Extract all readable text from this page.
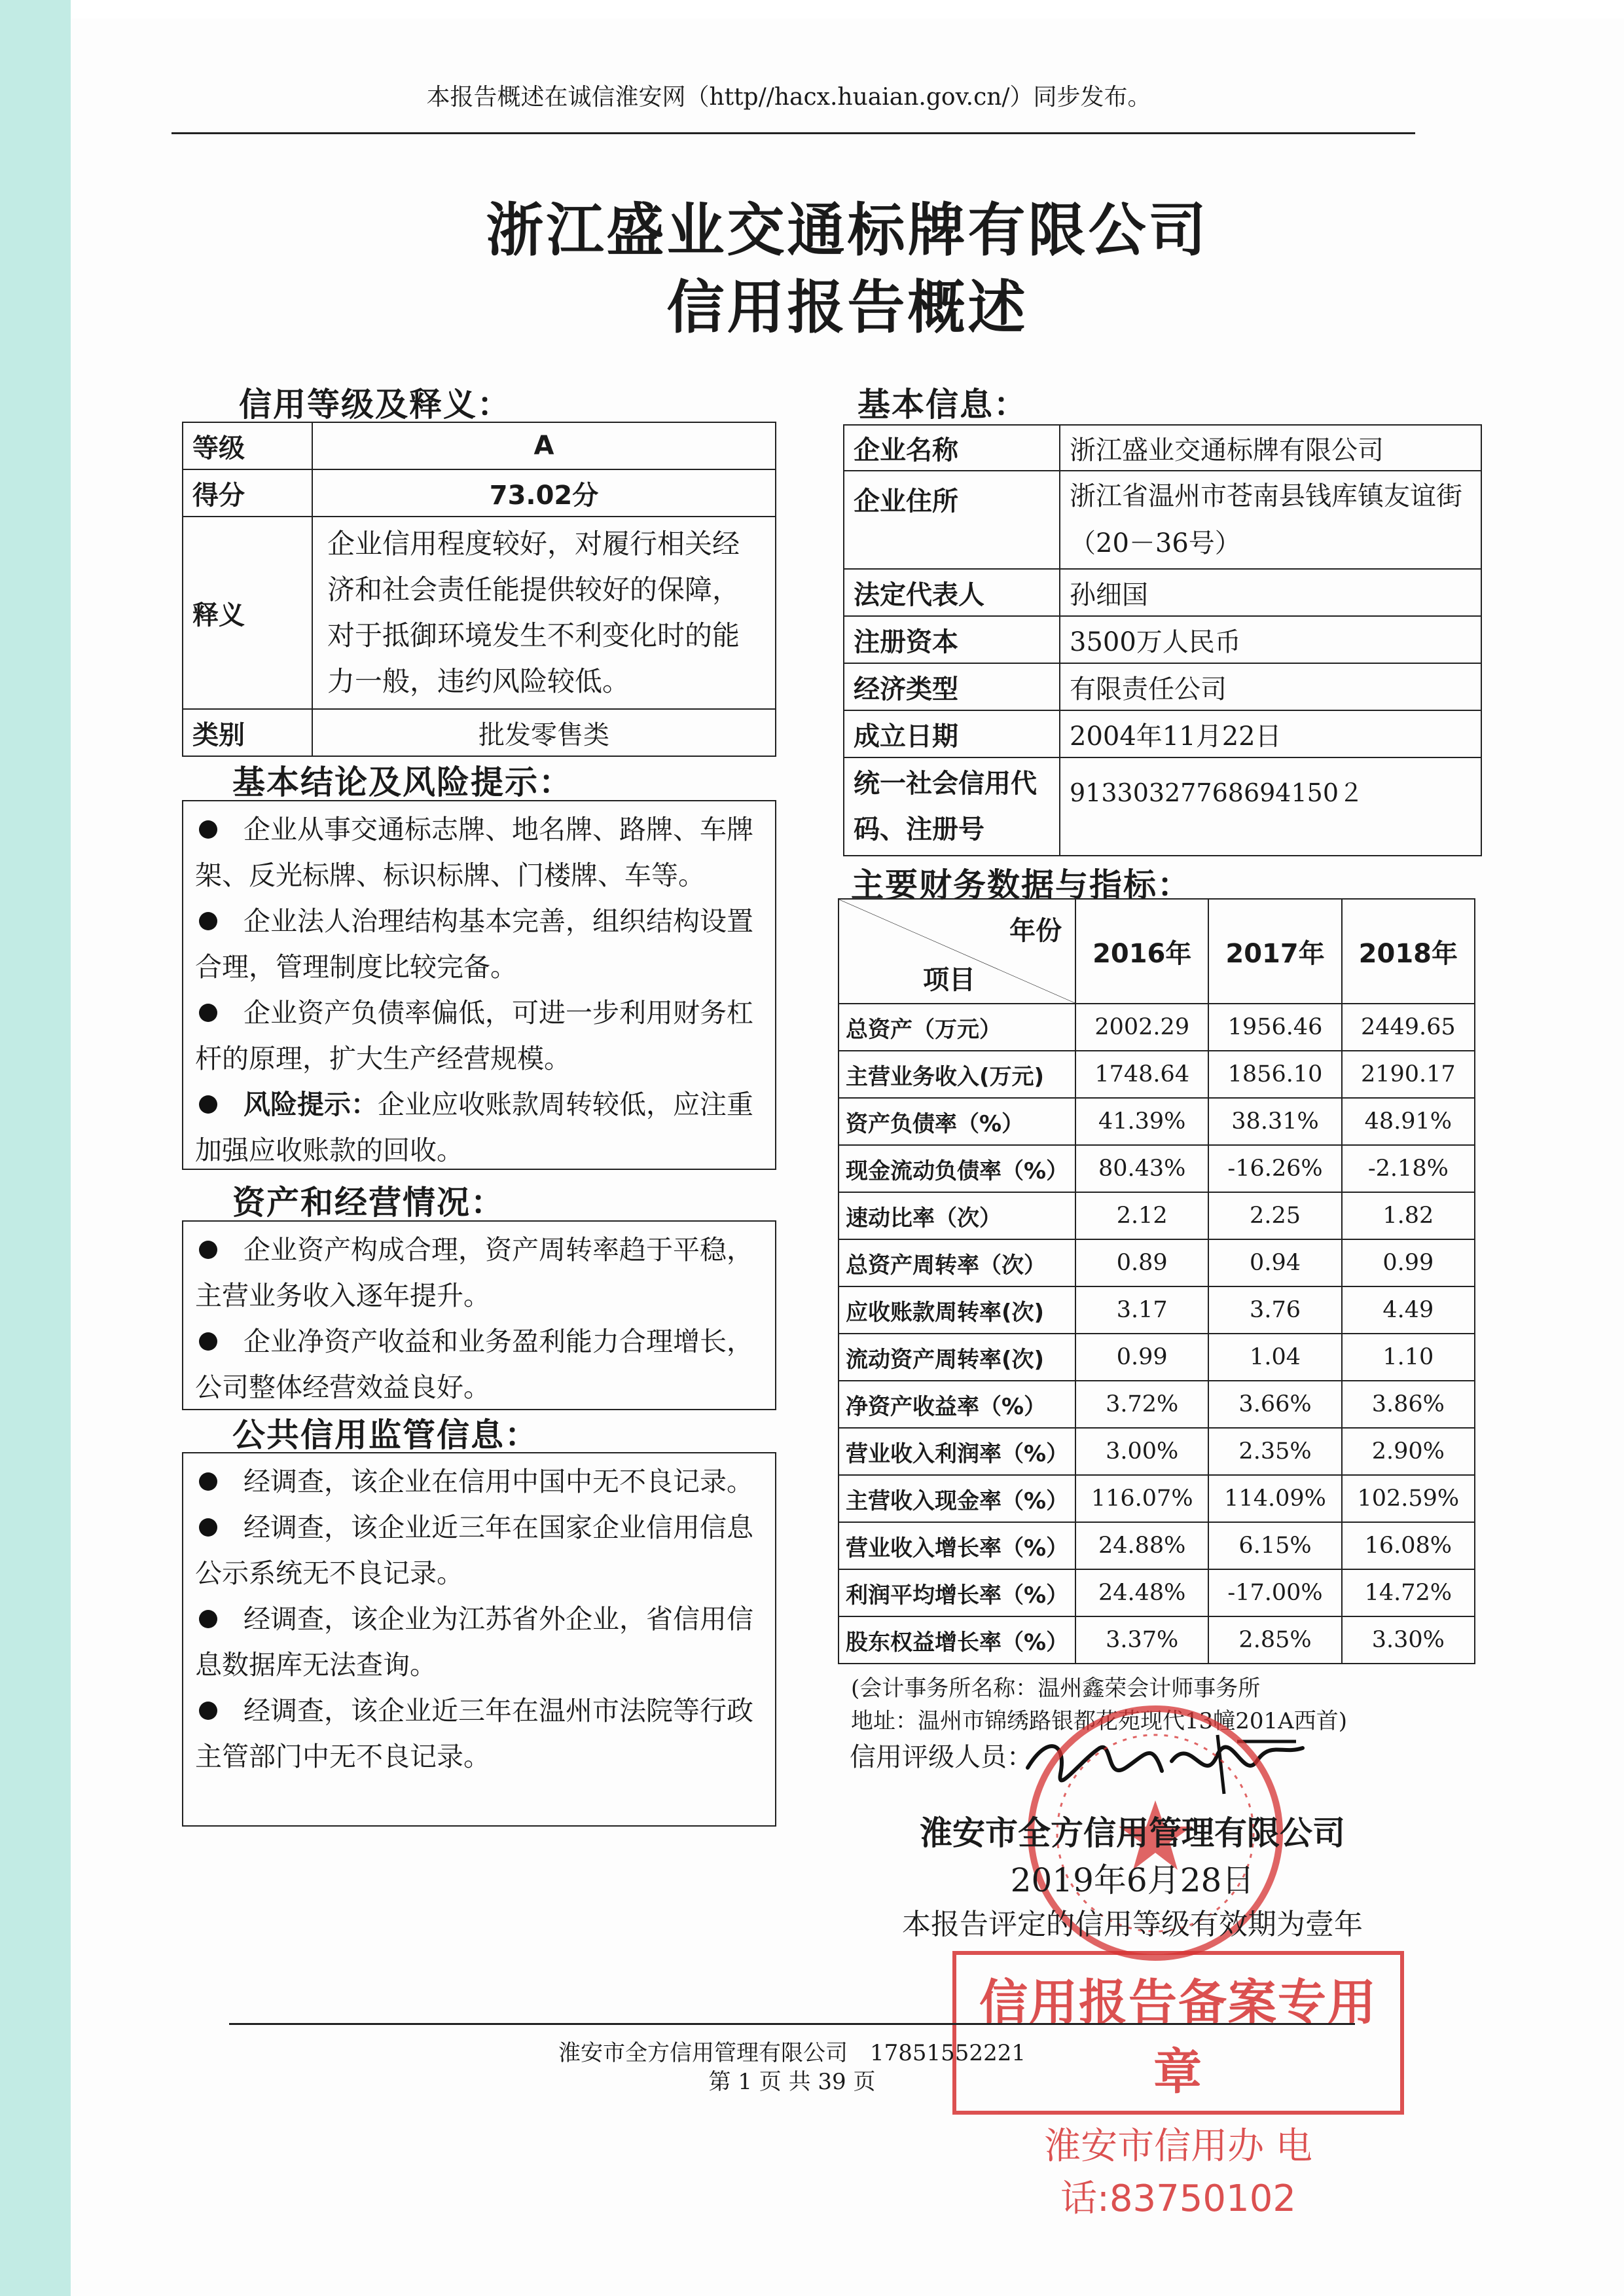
本报告概述在诚信淮安网（http//hacx.huaian.gov.cn/）同步发布。
浙江盛业交通标牌有限公司
信用报告概述
信用等级及释义：
等级	A
得分	73.02分
释义	企业信用程度较好，对履行相关经济和社会责任能提供较好的保障，对于抵御环境发生不利变化时的能力一般，违约风险较低。
类别	批发零售类
基本结论及风险提示：

企业从事交通标志牌、地名牌、路牌、车牌架、反光标牌、标识标牌、门楼牌、车等。

企业法人治理结构基本完善，组织结构设置合理，管理制度比较完备。

企业资产负债率偏低，可进一步利用财务杠杆的原理，扩大生产经营规模。

风险提示：企业应收账款周转较低，应注重加强应收账款的回收。

资产和经营情况：

企业资产构成合理，资产周转率趋于平稳，主营业务收入逐年提升。

企业净资产收益和业务盈利能力合理增长，公司整体经营效益良好。

公共信用监管信息：

经调查，该企业在信用中国中无不良记录。

经调查，该企业近三年在国家企业信用信息公示系统无不良记录。

经调查，该企业为江苏省外企业，省信用信息数据库无法查询。

经调查，该企业近三年在温州市法院等行政主管部门中无不良记录。

基本信息：
企业名称	浙江盛业交通标牌有限公司
企业住所	浙江省温州市苍南县钱库镇友谊街（20－36号）
法定代表人	孙细国
注册资本	3500万人民币
经济类型	有限责任公司
成立日期	2004年11月22日
统一社会信用代码、注册号	91330327768694150２
主要财务数据与指标：
年份
项目	2016年	2017年	2018年
总资产（万元）	2002.29	1956.46	2449.65
主营业务收入(万元)	1748.64	1856.10	2190.17
资产负债率（%）	41.39%	38.31%	48.91%
现金流动负债率（%）	80.43%	-16.26%	-2.18%
速动比率（次）	2.12	2.25	1.82
总资产周转率（次）	0.89	0.94	0.99
应收账款周转率(次)	3.17	3.76	4.49
流动资产周转率(次)	0.99	1.04	1.10
净资产收益率（%）	3.72%	3.66%	3.86%
营业收入利润率（%）	3.00%	2.35%	2.90%
主营收入现金率（%）	116.07%	114.09%	102.59%
营业收入增长率（%）	24.88%	6.15%	16.08%
利润平均增长率（%）	24.48%	-17.00%	14.72%
股东权益增长率（%）	3.37%	2.85%	3.30%
(会计事务所名称：温州鑫荣会计师事务所
地址：温州市锦绣路银都花苑现代13幢201A西首)
信用评级人员：
淮安市全方信用管理有限公司
2019年6月28日
本报告评定的信用等级有效期为壹年
信用报告备案专用章
淮安市信用办 电话:83750102
淮安市全方信用管理有限公司　17851552221
第 1 页 共 39 页
